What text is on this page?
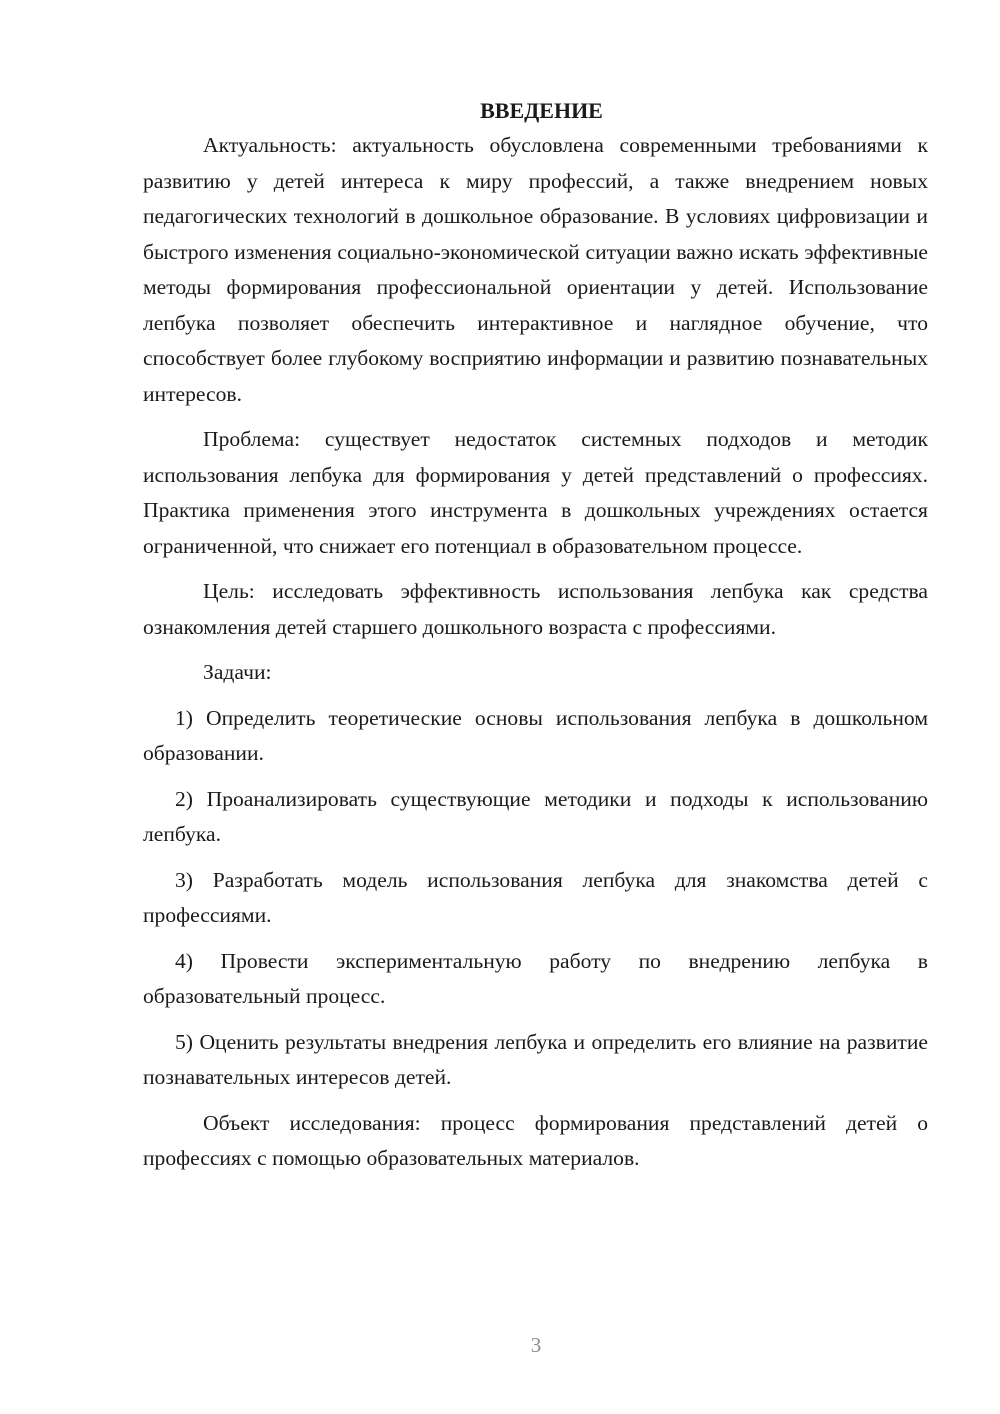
ВВЕДЕНИЕ

Актуальность: актуальность обусловлена современными требованиями к развитию у детей интереса к миру профессий, а также внедрением новых педагогических технологий в дошкольное образование. В условиях цифровизации и быстрого изменения социально-экономической ситуации важно искать эффективные методы формирования профессиональной ориентации у детей. Использование лепбука позволяет обеспечить интерактивное и наглядное обучение, что способствует более глубокому восприятию информации и развитию познавательных интересов.

Проблема: существует недостаток системных подходов и методик использования лепбука для формирования у детей представлений о профессиях. Практика применения этого инструмента в дошкольных учреждениях остается ограниченной, что снижает его потенциал в образовательном процессе.

Цель: исследовать эффективность использования лепбука как средства ознакомления детей старшего дошкольного возраста с профессиями.

Задачи:

1) Определить теоретические основы использования лепбука в дошкольном образовании.

2) Проанализировать существующие методики и подходы к использованию лепбука.

3) Разработать модель использования лепбука для знакомства детей с профессиями.

4) Провести экспериментальную работу по внедрению лепбука в образовательный процесс.

5) Оценить результаты внедрения лепбука и определить его влияние на развитие познавательных интересов детей.

Объект исследования: процесс формирования представлений детей о профессиях с помощью образовательных материалов.

3
